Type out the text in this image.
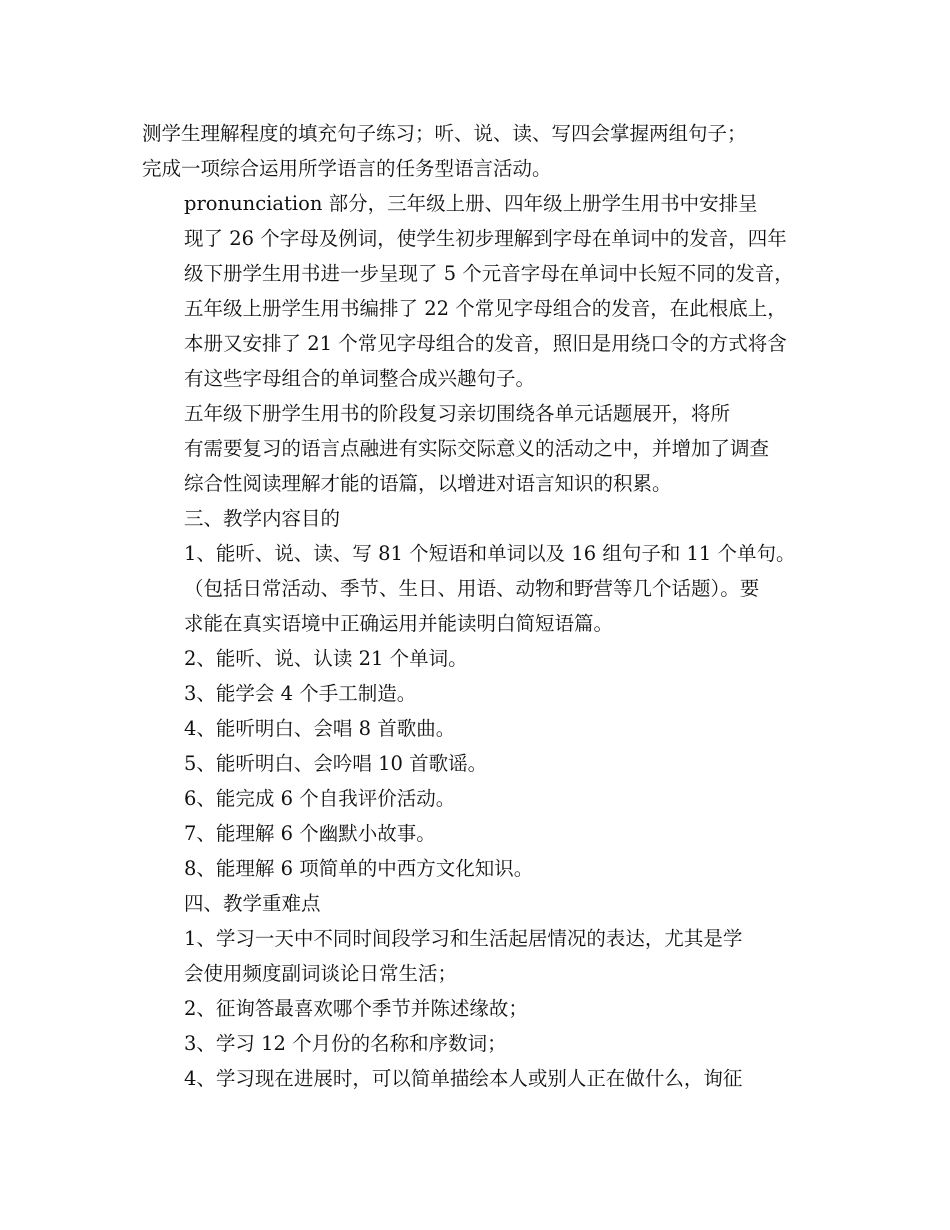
测学生理解程度的填充句子练习；听、说、读、写四会掌握两组句子；
完成一项综合运用所学语言的任务型语言活动。

pronunciation 部分，三年级上册、四年级上册学生用书中安排呈
现了 26 个字母及例词，使学生初步理解到字母在单词中的发音，四年
级下册学生用书进一步呈现了 5 个元音字母在单词中长短不同的发音，
五年级上册学生用书编排了 22 个常见字母组合的发音，在此根底上，
本册又安排了 21 个常见字母组合的发音，照旧是用绕口令的方式将含
有这些字母组合的单词整合成兴趣句子。

五年级下册学生用书的阶段复习亲切围绕各单元话题展开，将所
有需要复习的语言点融进有实际交际意义的活动之中，并增加了调查
综合性阅读理解才能的语篇，以增进对语言知识的积累。

三、教学内容目的

1、能听、说、读、写 81 个短语和单词以及 16 组句子和 11 个单句。
（包括日常活动、季节、生日、用语、动物和野营等几个话题）。要
求能在真实语境中正确运用并能读明白简短语篇。

2、能听、说、认读 21 个单词。

3、能学会 4 个手工制造。

4、能听明白、会唱 8 首歌曲。

5、能听明白、会吟唱 10 首歌谣。

6、能完成 6 个自我评价活动。

7、能理解 6 个幽默小故事。

8、能理解 6 项简单的中西方文化知识。

四、教学重难点

1、学习一天中不同时间段学习和生活起居情况的表达，尤其是学
会使用频度副词谈论日常生活；

2、征询答最喜欢哪个季节并陈述缘故；

3、学习 12 个月份的名称和序数词；

4、学习现在进展时，可以简单描绘本人或别人正在做什么，询征
